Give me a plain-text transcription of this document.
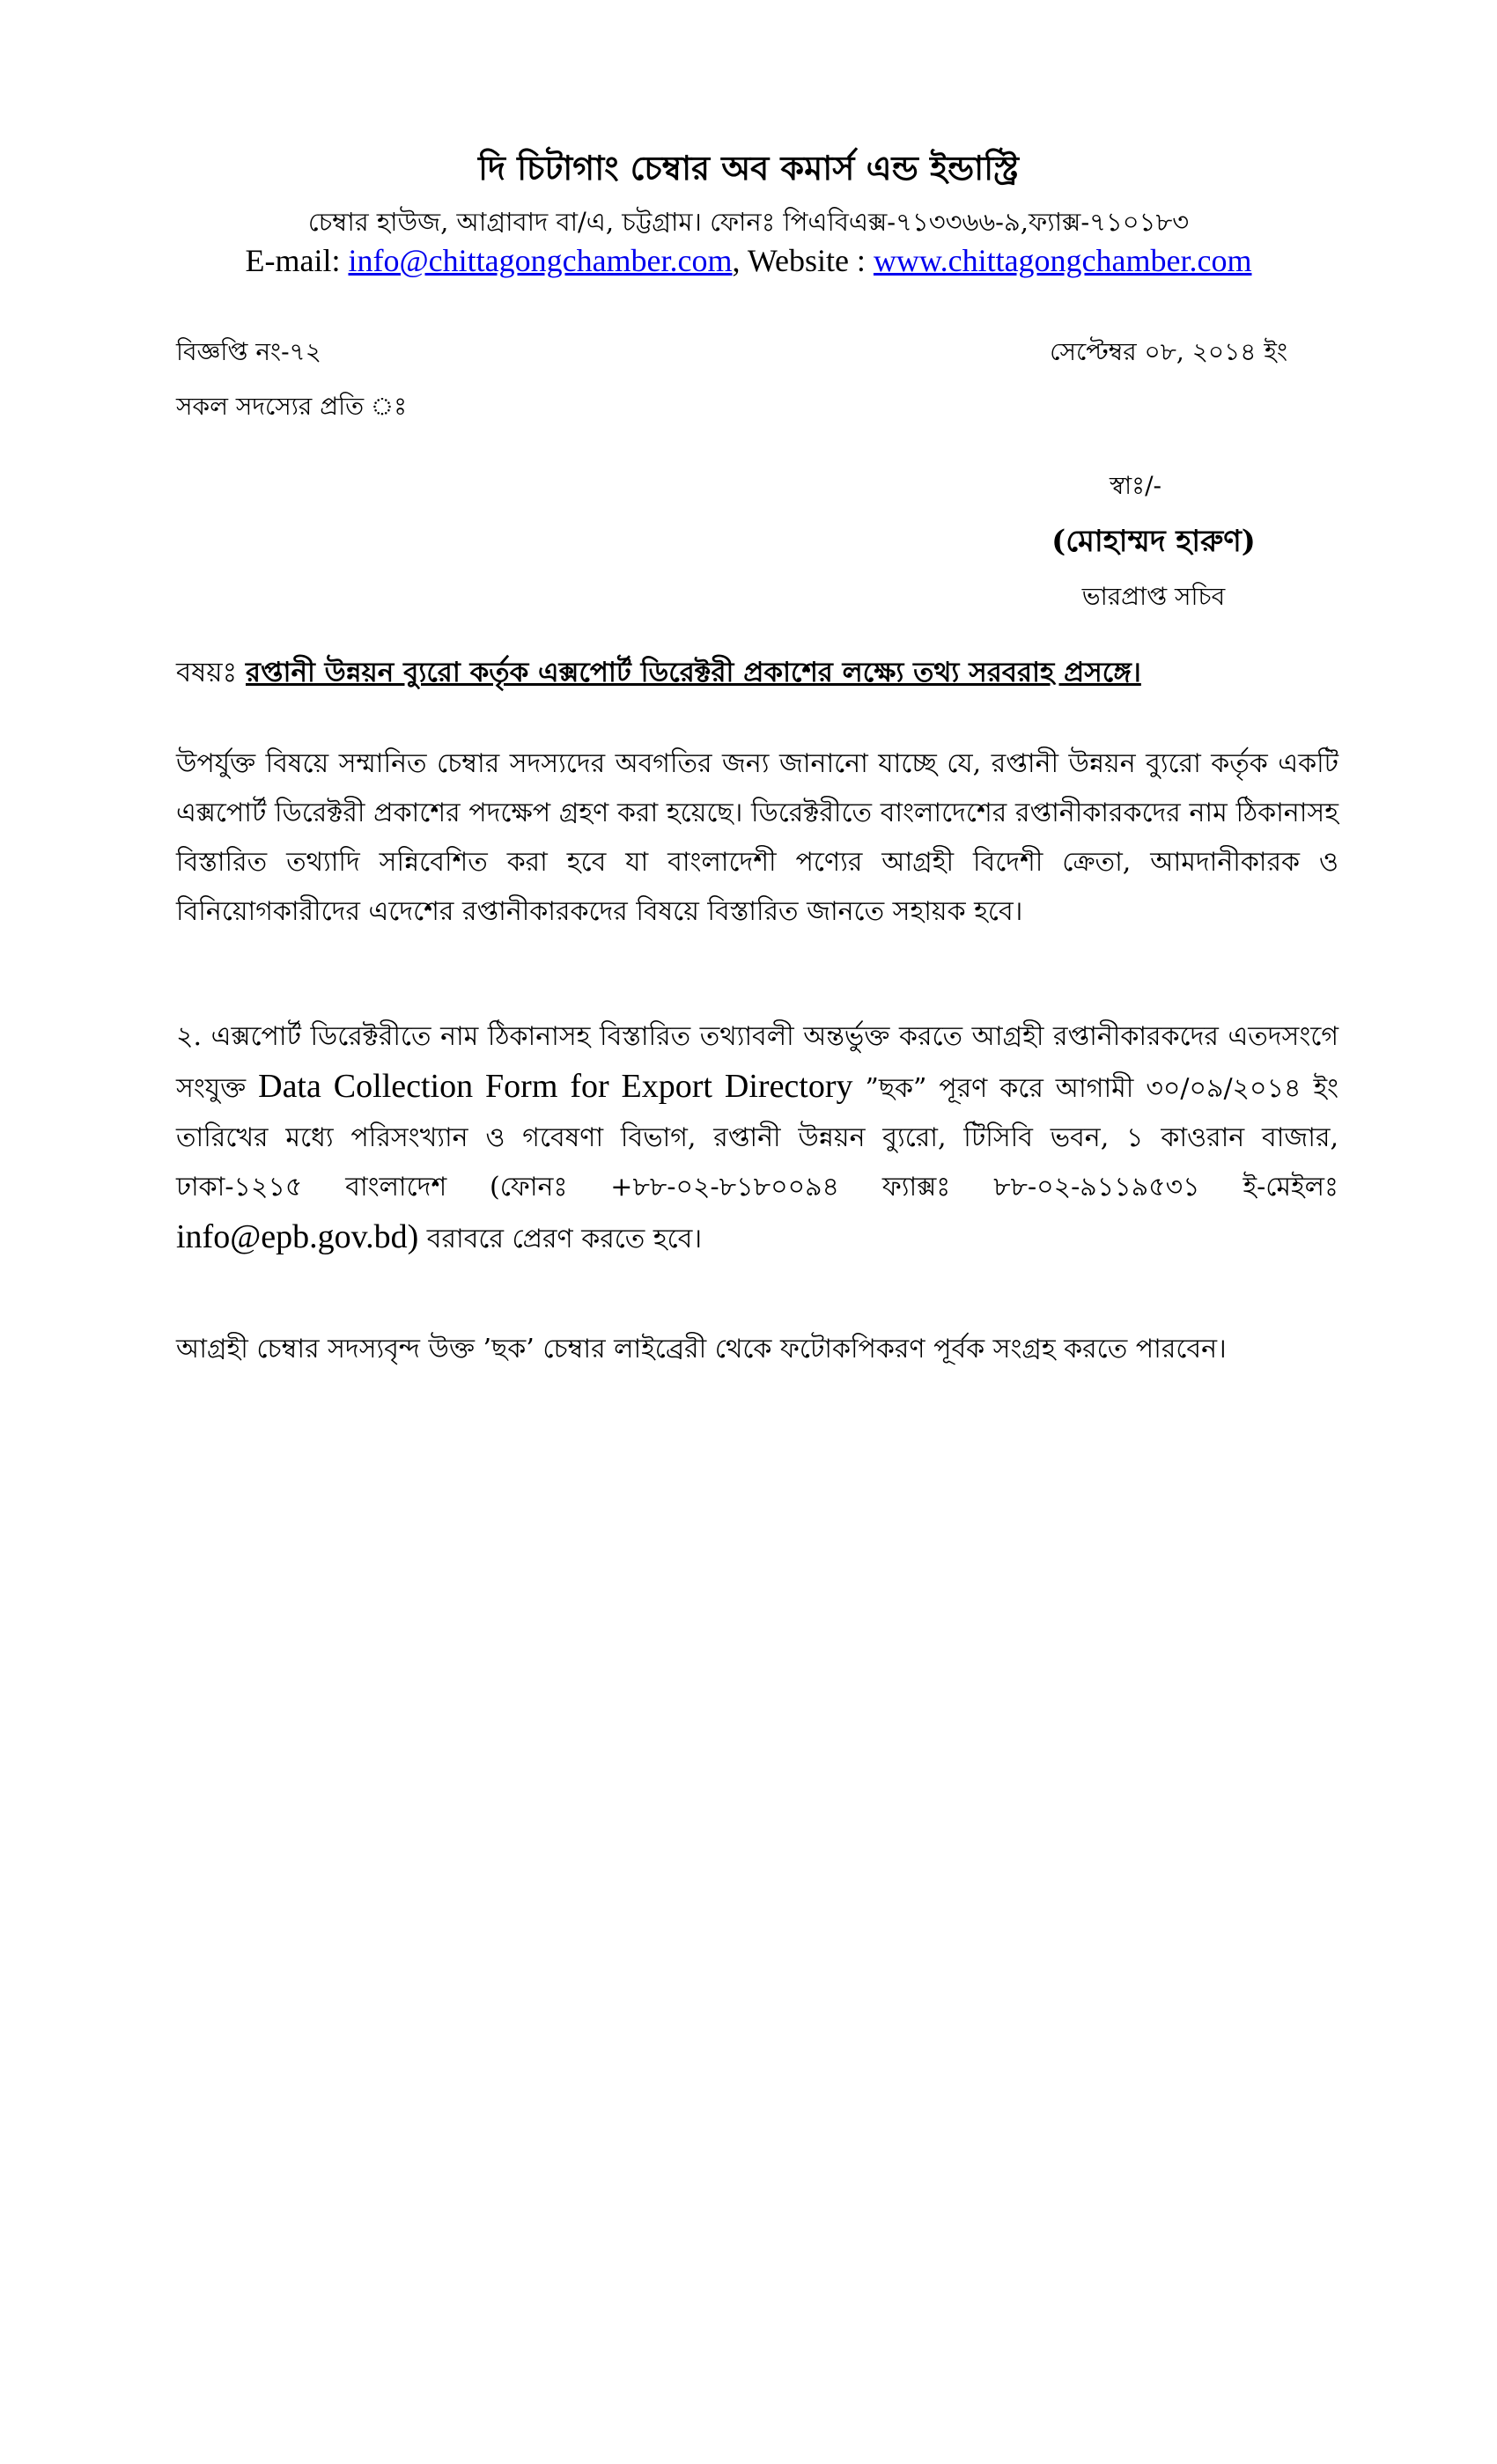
দি চিটাগাং চেম্বার অব কমার্স এন্ড ইন্ডাস্ট্রি
চেম্বার হাউজ, আগ্রাবাদ বা/এ, চট্টগ্রাম। ফোনঃ পিএবিএক্স-৭১৩৩৬৬-৯,ফ্যাক্স-৭১০১৮৩
E-mail: info@chittagongchamber.com, Website : www.chittagongchamber.com
বিজ্ঞপ্তি নং-৭২	সেপ্টেম্বর ০৮, ২০১৪ ইং
সকল সদস্যের প্রতি ঃ
স্বাঃ/-
(মোহাম্মদ হারুণ)
ভারপ্রাপ্ত সচিব
বষয়ঃ রপ্তানী উন্নয়ন ব্যুরো কর্তৃক এক্সপোর্ট ডিরেক্টরী প্রকাশের লক্ষ্যে তথ্য সরবরাহ প্রসঙ্গে।
উপর্যুক্ত বিষয়ে সম্মানিত চেম্বার সদস্যদের অবগতির জন্য জানানো যাচ্ছে যে, রপ্তানী উন্নয়ন ব্যুরো কর্তৃক একটি এক্সপোর্ট ডিরেক্টরী প্রকাশের পদক্ষেপ গ্রহণ করা হয়েছে। ডিরেক্টরীতে বাংলাদেশের রপ্তানীকারকদের নাম ঠিকানাসহ বিস্তারিত তথ্যাদি সন্নিবেশিত করা হবে যা বাংলাদেশী পণ্যের আগ্রহী বিদেশী ক্রেতা, আমদানীকারক ও বিনিয়োগকারীদের এদেশের রপ্তানীকারকদের বিষয়ে বিস্তারিত জানতে সহায়ক হবে।
২. এক্সপোর্ট ডিরেক্টরীতে নাম ঠিকানাসহ বিস্তারিত তথ্যাবলী অন্তর্ভুক্ত করতে আগ্রহী রপ্তানীকারকদের এতদসংগে সংযুক্ত Data Collection Form for Export Directory ”ছক” পূরণ করে আগামী ৩০/০৯/২০১৪ ইং তারিখের মধ্যে পরিসংখ্যান ও গবেষণা বিভাগ, রপ্তানী উন্নয়ন ব্যুরো, টিসিবি ভবন, ১ কাওরান বাজার, ঢাকা-১২১৫ বাংলাদেশ (ফোনঃ +৮৮-০২-৮১৮০০৯৪ ফ্যাক্সঃ ৮৮-০২-৯১১৯৫৩১ ই-মেইলঃ info@epb.gov.bd) বরাবরে প্রেরণ করতে হবে।
আগ্রহী চেম্বার সদস্যবৃন্দ উক্ত ’ছক’ চেম্বার লাইব্রেরী থেকে ফটোকপিকরণ পূর্বক সংগ্রহ করতে পারবেন।
